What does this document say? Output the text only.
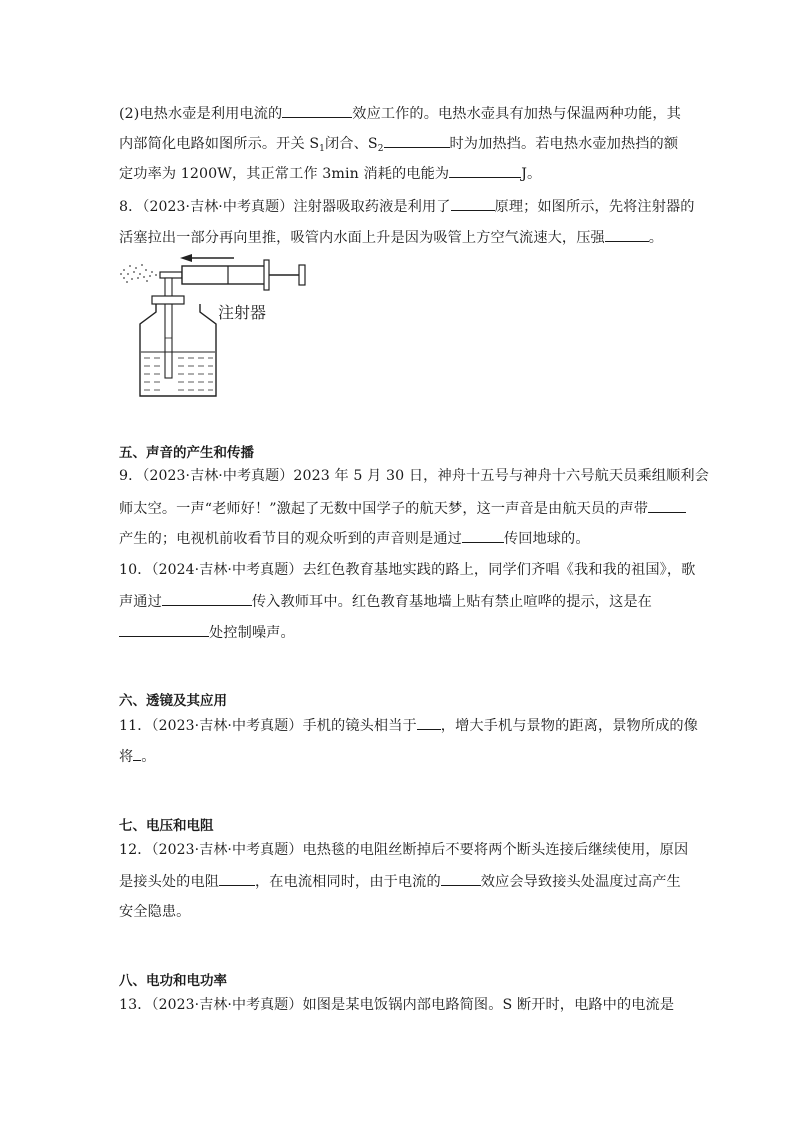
(2)电热水壶是利用电流的	效应工作的。电热水壶具有加热与保温两种功能，其
内部简化电路如图所示。开关 $S_1$闭合、$S_2$	时为加热挡。若电热水壶加热挡的额
定功率为 1200W，其正常工作 3min 消耗的电能为	J。
8．（2023·吉林·中考真题）注射器吸取药液是利用了	原理；如图所示，先将注射器的
活塞拉出一部分再向里推，吸管内水面上升是因为吸管上方空气流速大，压强	。
注射器
五、声音的产生和传播
9．（2023·吉林·中考真题）2023 年 5 月 30 日，神舟十五号与神舟十六号航天员乘组顺利会
师太空。一声“老师好！”激起了无数中国学子的航天梦，这一声音是由航天员的声带
产生的；电视机前收看节目的观众听到的声音则是通过	传回地球的。
10．（2024·吉林·中考真题）去红色教育基地实践的路上，同学们齐唱《我和我的祖国》，歌
声通过	传入教师耳中。红色教育基地墙上贴有禁止喧哗的提示，这是在
处控制噪声。
六、透镜及其应用
11．（2023·吉林·中考真题）手机的镜头相当于 ，增大手机与景物的距离，景物所成的像
将 。
七、电压和电阻
12．（2023·吉林·中考真题）电热毯的电阻丝断掉后不要将两个断头连接后继续使用，原因
是接头处的电阻	，在电流相同时，由于电流的	效应会导致接头处温度过高产生
安全隐患。
八、电功和电功率
13．（2023·吉林·中考真题）如图是某电饭锅内部电路简图。S 断开时，电路中的电流是
